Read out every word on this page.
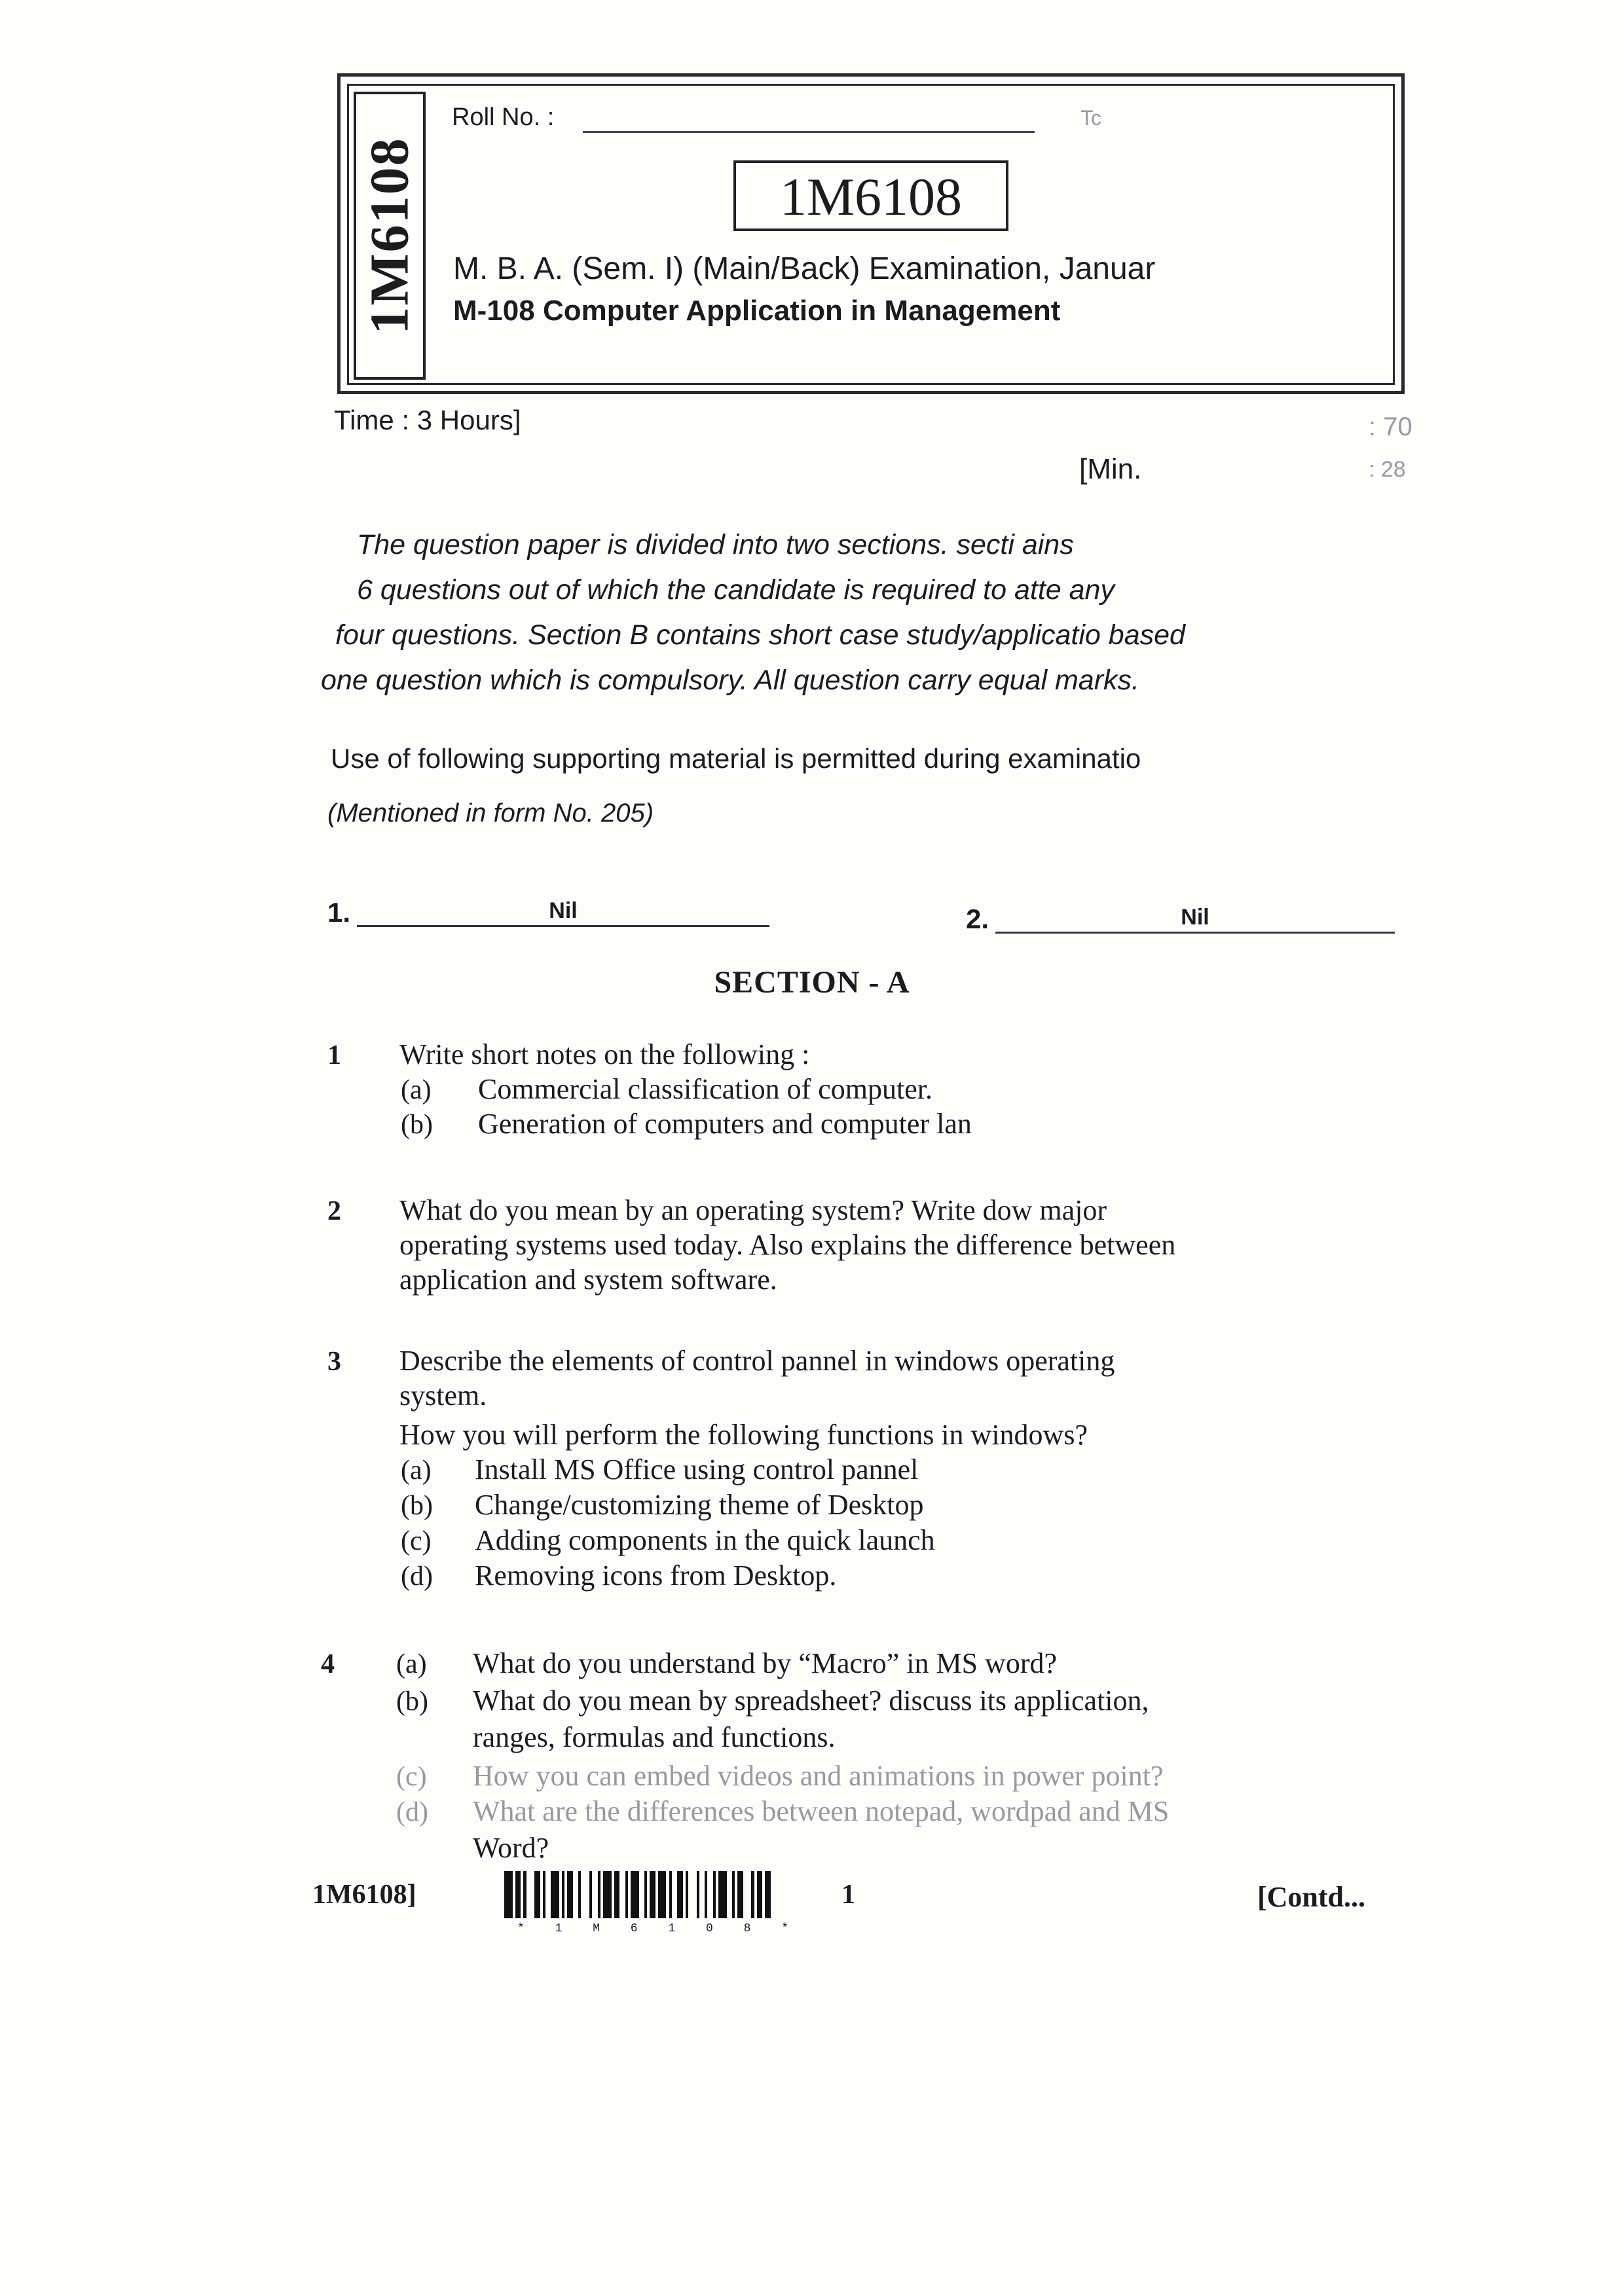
1M6108
Roll No. :	Tc
1M6108
M. B. A. (Sem. I) (Main/Back) Examination, Januar
M-108 Computer Application in Management
Time : 3 Hours]	: 70
[Min.	: 28
The question paper is divided into two sections. secti ains
6 questions out of which the candidate is required to atte any
four questions. Section B contains short case study/applicatio based
one question which is compulsory. All question carry equal marks.
Use of following supporting material is permitted during examinatio
(Mentioned in form No. 205)
1.	Nil	2.	Nil
SECTION - A
1 Write short notes on the following :
(a) Commercial classification of computer.
(b) Generation of computers and computer lan
2 What do you mean by an operating system? Write dow major
operating systems used today. Also explains the difference between
application and system software.
3 Describe the elements of control pannel in windows operating
system.
How you will perform the following functions in windows?
(a) Install MS Office using control pannel
(b) Change/customizing theme of Desktop
(c) Adding components in the quick launch
(d) Removing icons from Desktop.
4 (a) What do you understand by “Macro” in MS word?
(b) What do you mean by spreadsheet? discuss its application,
ranges, formulas and functions.
(c) How you can embed videos and animations in power point?
(d) What are the differences between notepad, wordpad and MS
Word?
1M6108]
* 1 M 6 1 0 8 *
1	[Contd...
